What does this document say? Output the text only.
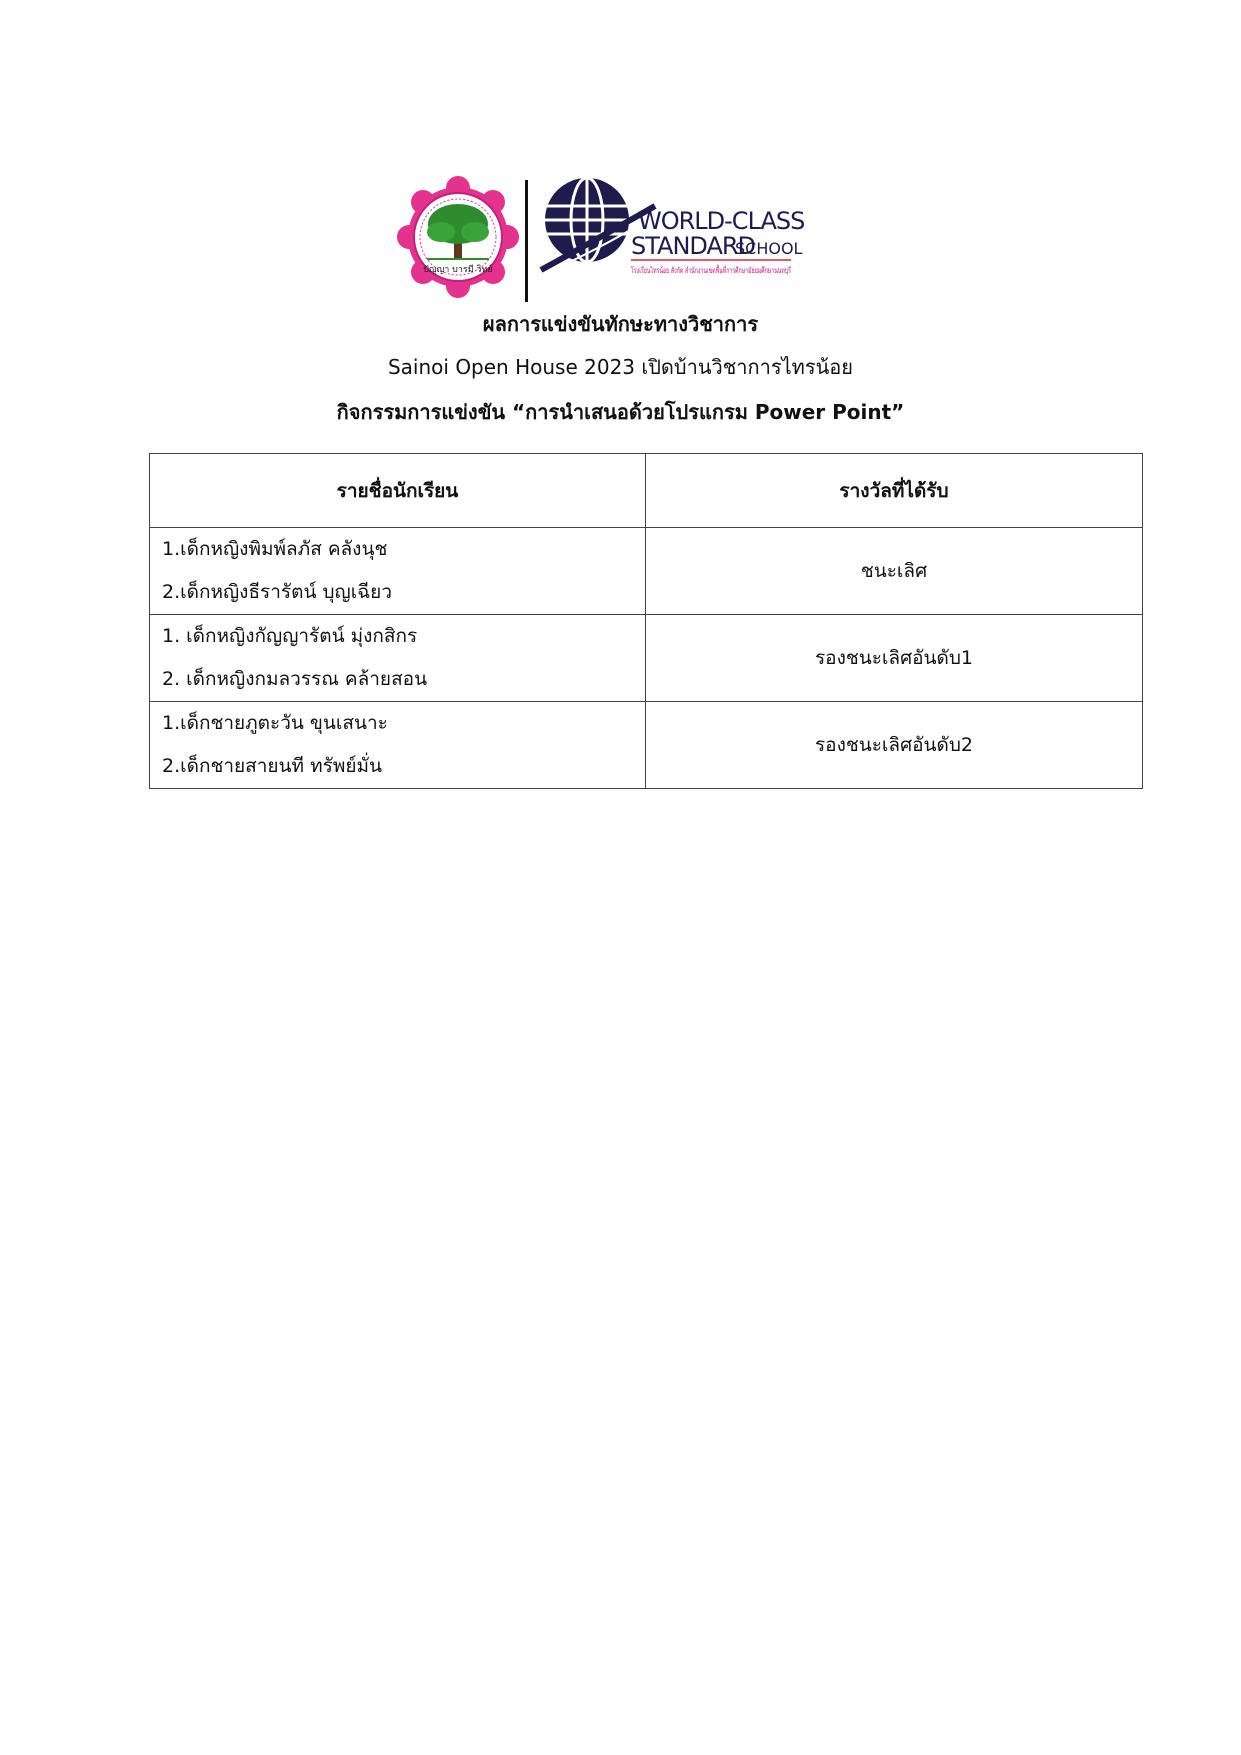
ปัญญา บารมี วิทย์
WORLD-CLASS
STANDARD
SCHOOL
โรงเรียนไทรน้อย สังกัด สำนักงานเขตพื้นที่การศึกษามัธยมศึกษานนทบุรี
ผลการแข่งขันทักษะทางวิชาการ
Sainoi Open House 2023 เปิดบ้านวิชาการไทรน้อย
กิจกรรมการแข่งขัน “การนำเสนอด้วยโปรแกรม Power Point”
รายชื่อนักเรียน	รางวัลที่ได้รับ

1.เด็กหญิงพิมพ์ลภัส คลังนุช
2.เด็กหญิงธีรารัตน์ บุญเฉียว	ชนะเลิศ

1. เด็กหญิงกัญญารัตน์ มุ่งกสิกร
2. เด็กหญิงกมลวรรณ คล้ายสอน	รองชนะเลิศอันดับ1

1.เด็กชายภูตะวัน ขุนเสนาะ
2.เด็กชายสายนที ทรัพย์มั่น	รองชนะเลิศอันดับ2
